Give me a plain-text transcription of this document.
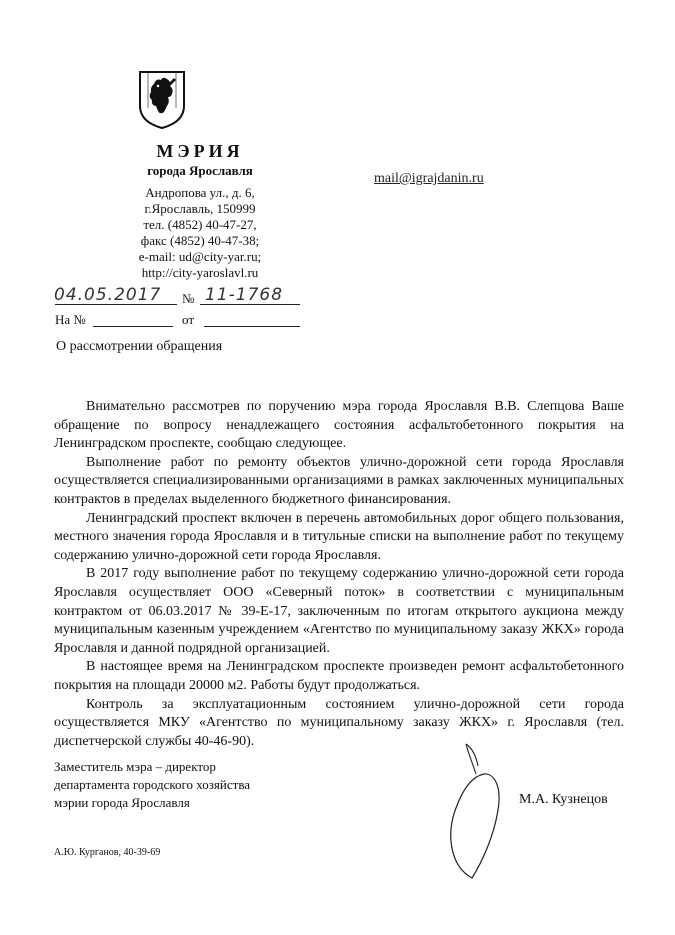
МЭРИЯ
города Ярославля
Андропова ул., д. 6,
г.Ярославль, 150999
тел. (4852) 40-47-27,
факс (4852) 40-47-38;
e-mail: ud@city-yar.ru;
http://city-yaroslavl.ru
mail@igrajdanin.ru
04.05.2017 № 11-1768
На №	от
О рассмотрении обращения

Внимательно рассмотрев по поручению мэра города Ярославля В.В. Слепцова Ваше обращение по вопросу ненадлежащего состояния асфальтобетонного покрытия на Ленинградском проспекте, сообщаю следующее.

Выполнение работ по ремонту объектов улично-дорожной сети города Ярославля осуществляется специализированными организациями в рамках заключенных муниципальных контрактов в пределах выделенного бюджетного финансирования.

Ленинградский проспект включен в перечень автомобильных дорог общего пользования, местного значения города Ярославля и в титульные списки на выполнение работ по текущему содержанию улично-дорожной сети города Ярославля.

В 2017 году выполнение работ по текущему содержанию улично-дорожной сети города Ярославля осуществляет ООО «Северный поток» в соответствии с муниципальным контрактом от 06.03.2017 № 39-Е-17, заключенным по итогам открытого аукциона между муниципальным казенным учреждением «Агентство по муниципальному заказу ЖКХ» города Ярославля и данной подрядной организацией.

В настоящее время на Ленинградском проспекте произведен ремонт асфальтобетонного покрытия на площади 20000 м2. Работы будут продолжаться.

Контроль за эксплуатационным состоянием улично-дорожной сети города осуществляется МКУ «Агентство по муниципальному заказу ЖКХ» г. Ярославля (тел. диспетчерской службы 40-46-90).

Заместитель мэра – директор
департамента городского хозяйства
мэрии города Ярославля	М.А. Кузнецов
А.Ю. Курганов, 40-39-69
